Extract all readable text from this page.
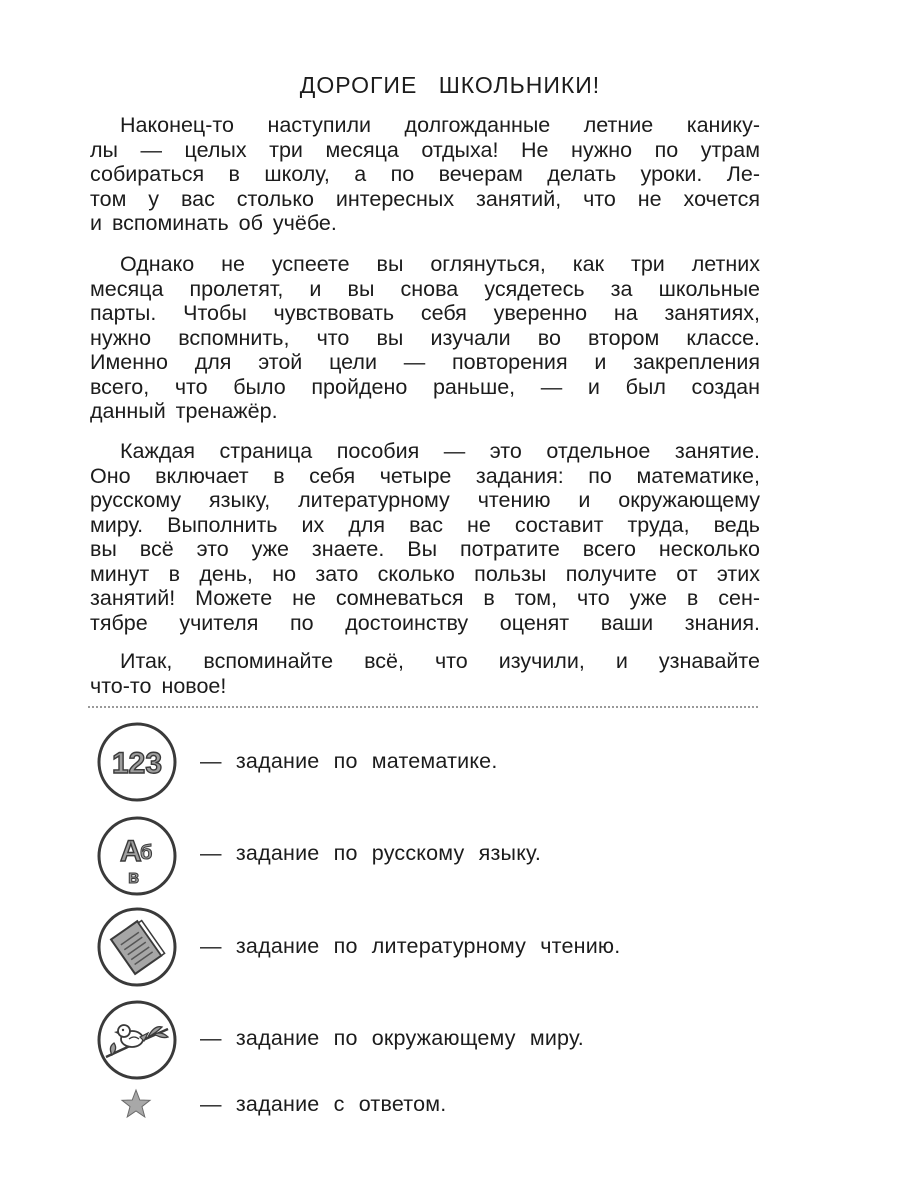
ДОРОГИЕ ШКОЛЬНИКИ!
Наконец-то наступили долгожданные летние канику-
лы — целых три месяца отдыха! Не нужно по утрам
собираться в школу, а по вечерам делать уроки. Ле-
том у вас столько интересных занятий, что не хочется
и вспоминать об учёбе.
Однако не успеете вы оглянуться, как три летних
месяца пролетят, и вы снова усядетесь за школьные
парты. Чтобы чувствовать себя уверенно на занятиях,
нужно вспомнить, что вы изучали во втором классе.
Именно для этой цели — повторения и закрепления
всего, что было пройдено раньше, — и был создан
данный тренажёр.
Каждая страница пособия — это отдельное занятие.
Оно включает в себя четыре задания: по математике,
русскому языку, литературному чтению и окружающему
миру. Выполнить их для вас не составит труда, ведь
вы всё это уже знаете. Вы потратите всего несколько
минут в день, но зато сколько пользы получите от этих
занятий! Можете не сомневаться в том, что уже в сен-
тябре учителя по достоинству оценят ваши знания.
Итак, вспоминайте всё, что изучили, и узнавайте
что-то новое!
123 — задание по математике.
А
б
в
— задание по русскому языку.
— задание по литературному чтению.
— задание по окружающему миру.
— задание с ответом.
